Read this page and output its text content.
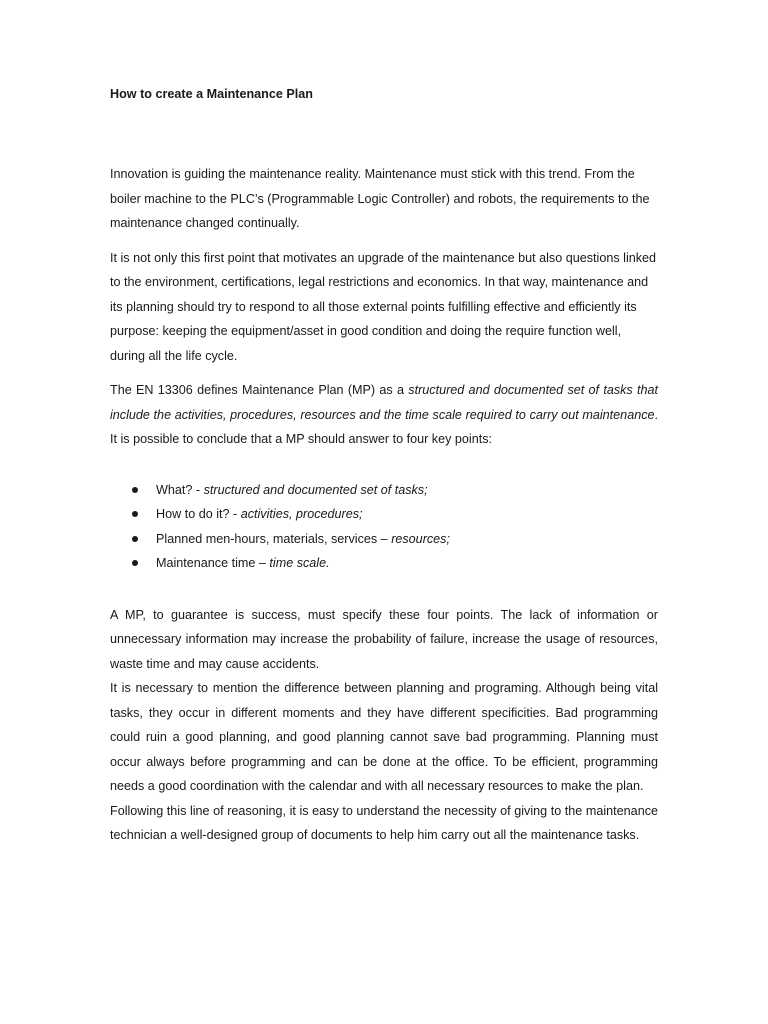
How to create a Maintenance Plan

Innovation is guiding the maintenance reality. Maintenance must stick with this trend. From the boiler machine to the PLC’s (Programmable Logic Controller) and robots, the requirements to the maintenance changed continually.

It is not only this first point that motivates an upgrade of the maintenance but also questions linked to the environment, certifications, legal restrictions and economics. In that way, maintenance and its planning should try to respond to all those external points fulfilling effective and efficiently its purpose: keeping the equipment/asset in good condition and doing the require function well, during all the life cycle.

The EN 13306 defines Maintenance Plan (MP) as a structured and documented set of tasks that include the activities, procedures, resources and the time scale required to carry out maintenance. It is possible to conclude that a MP should answer to four key points:

What? - structured and documented set of tasks;
How to do it? - activities, procedures;
Planned men-hours, materials, services – resources;
Maintenance time – time scale.

A MP, to guarantee is success, must specify these four points. The lack of information or unnecessary information may increase the probability of failure, increase the usage of resources, waste time and may cause accidents.

It is necessary to mention the difference between planning and programing. Although being vital tasks, they occur in different moments and they have different specificities. Bad programming could ruin a good planning, and good planning cannot save bad programming. Planning must occur always before programming and can be done at the office. To be efficient, programming needs a good coordination with the calendar and with all necessary resources to make the plan.

Following this line of reasoning, it is easy to understand the necessity of giving to the maintenance technician a well-designed group of documents to help him carry out all the maintenance tasks.
